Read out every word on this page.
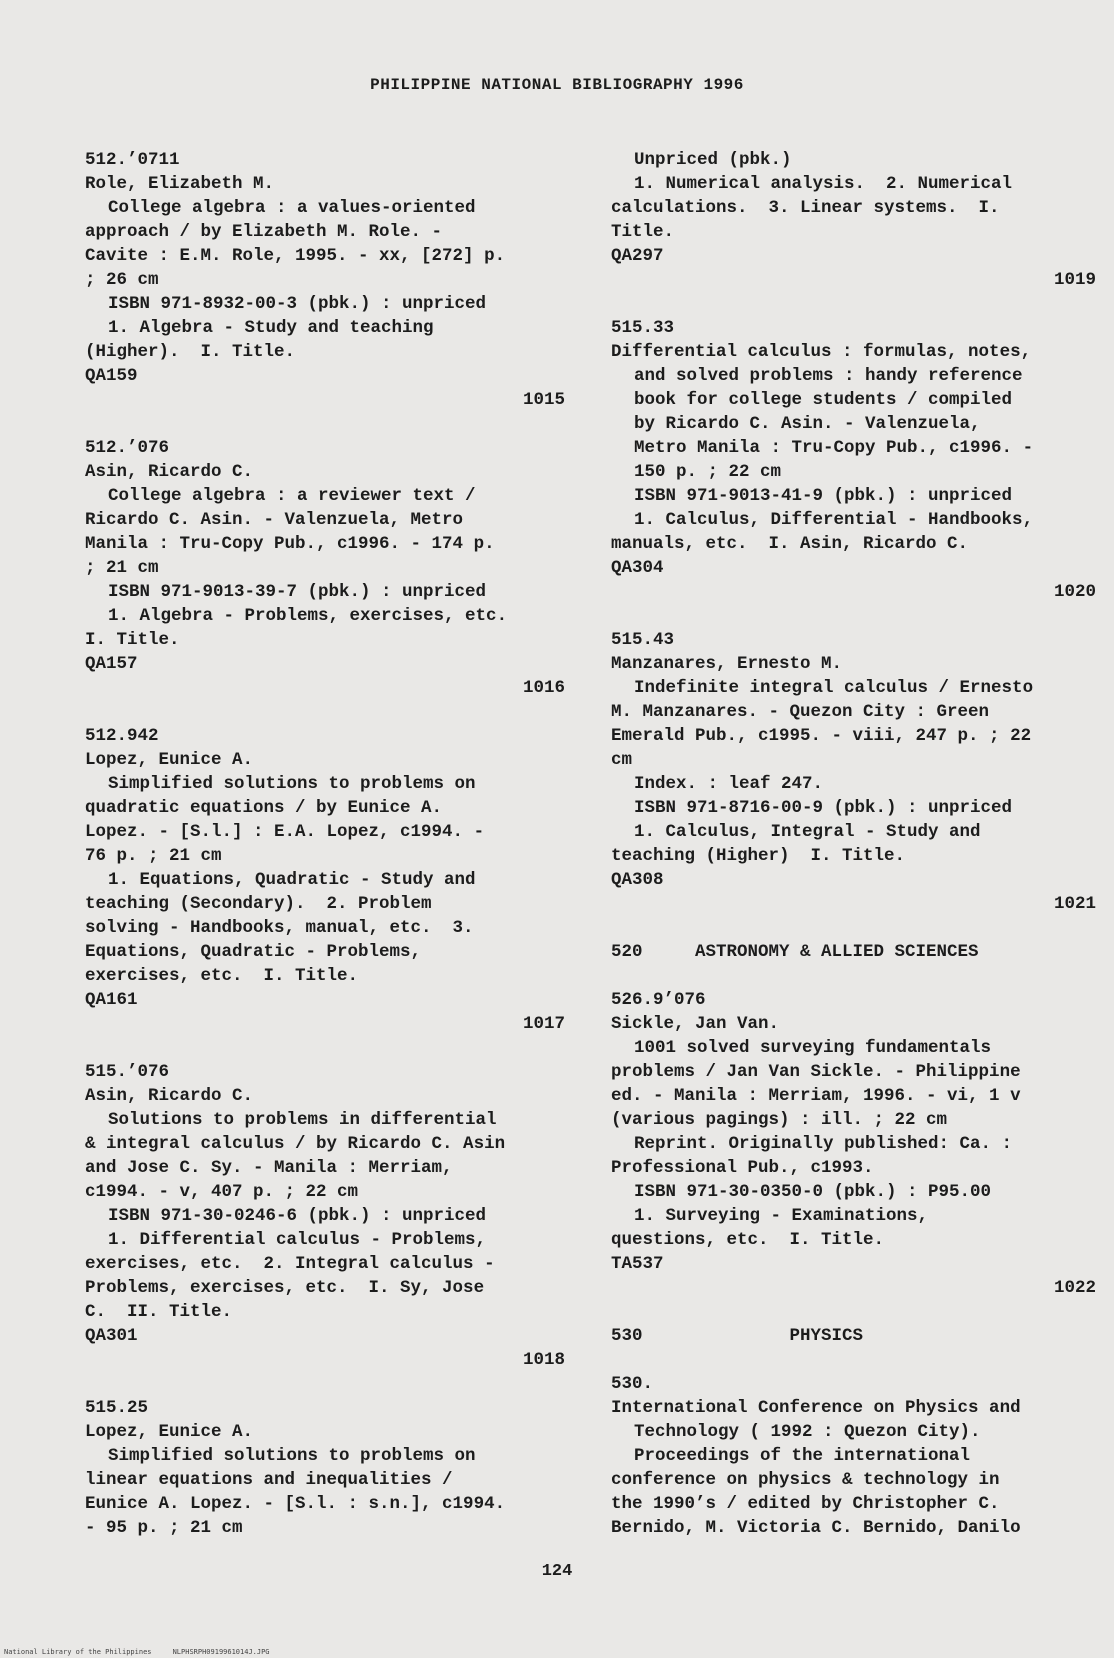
PHILIPPINE NATIONAL BIBLIOGRAPHY 1996
512.’0711
Role, Elizabeth M.
College algebra : a values-oriented
approach / by Elizabeth M. Role. -
Cavite : E.M. Role, 1995. - xx, [272] p.
; 26 cm
ISBN 971-8932-00-3 (pbk.) : unpriced
1. Algebra - Study and teaching
(Higher).  I. Title.
QA159
1015
512.’076
Asin, Ricardo C.
College algebra : a reviewer text /
Ricardo C. Asin. - Valenzuela, Metro
Manila : Tru-Copy Pub., c1996. - 174 p.
; 21 cm
ISBN 971-9013-39-7 (pbk.) : unpriced
1. Algebra - Problems, exercises, etc.
I. Title.
QA157
1016
512.942
Lopez, Eunice A.
Simplified solutions to problems on
quadratic equations / by Eunice A.
Lopez. - [S.l.] : E.A. Lopez, c1994. -
76 p. ; 21 cm
1. Equations, Quadratic - Study and
teaching (Secondary).  2. Problem
solving - Handbooks, manual, etc.  3.
Equations, Quadratic - Problems,
exercises, etc.  I. Title.
QA161
1017
515.’076
Asin, Ricardo C.
Solutions to problems in differential
& integral calculus / by Ricardo C. Asin
and Jose C. Sy. - Manila : Merriam,
c1994. - v, 407 p. ; 22 cm
ISBN 971-30-0246-6 (pbk.) : unpriced
1. Differential calculus - Problems,
exercises, etc.  2. Integral calculus -
Problems, exercises, etc.  I. Sy, Jose
C.  II. Title.
QA301
1018
515.25
Lopez, Eunice A.
Simplified solutions to problems on
linear equations and inequalities /
Eunice A. Lopez. - [S.l. : s.n.], c1994.
- 95 p. ; 21 cm
Unpriced (pbk.)
1. Numerical analysis.  2. Numerical
calculations.  3. Linear systems.  I.
Title.
QA297
1019
515.33
Differential calculus : formulas, notes,
and solved problems : handy reference
book for college students / compiled
by Ricardo C. Asin. - Valenzuela,
Metro Manila : Tru-Copy Pub., c1996. -
150 p. ; 22 cm
ISBN 971-9013-41-9 (pbk.) : unpriced
1. Calculus, Differential - Handbooks,
manuals, etc.  I. Asin, Ricardo C.
QA304
1020
515.43
Manzanares, Ernesto M.
Indefinite integral calculus / Ernesto
M. Manzanares. - Quezon City : Green
Emerald Pub., c1995. - viii, 247 p. ; 22
cm
Index. : leaf 247.
ISBN 971-8716-00-9 (pbk.) : unpriced
1. Calculus, Integral - Study and
teaching (Higher)  I. Title.
QA308
1021
520     ASTRONOMY & ALLIED SCIENCES
526.9’076
Sickle, Jan Van.
1001 solved surveying fundamentals
problems / Jan Van Sickle. - Philippine
ed. - Manila : Merriam, 1996. - vi, 1 v
(various pagings) : ill. ; 22 cm
Reprint. Originally published: Ca. :
Professional Pub., c1993.
ISBN 971-30-0350-0 (pbk.) : P95.00
1. Surveying - Examinations,
questions, etc.  I. Title.
TA537
1022
530              PHYSICS
530.
International Conference on Physics and
Technology ( 1992 : Quezon City).
Proceedings of the international
conference on physics & technology in
the 1990’s / edited by Christopher C.
Bernido, M. Victoria C. Bernido, Danilo
124
National Library of the Philippines	NLPHSRPH0919961014J.JPG
